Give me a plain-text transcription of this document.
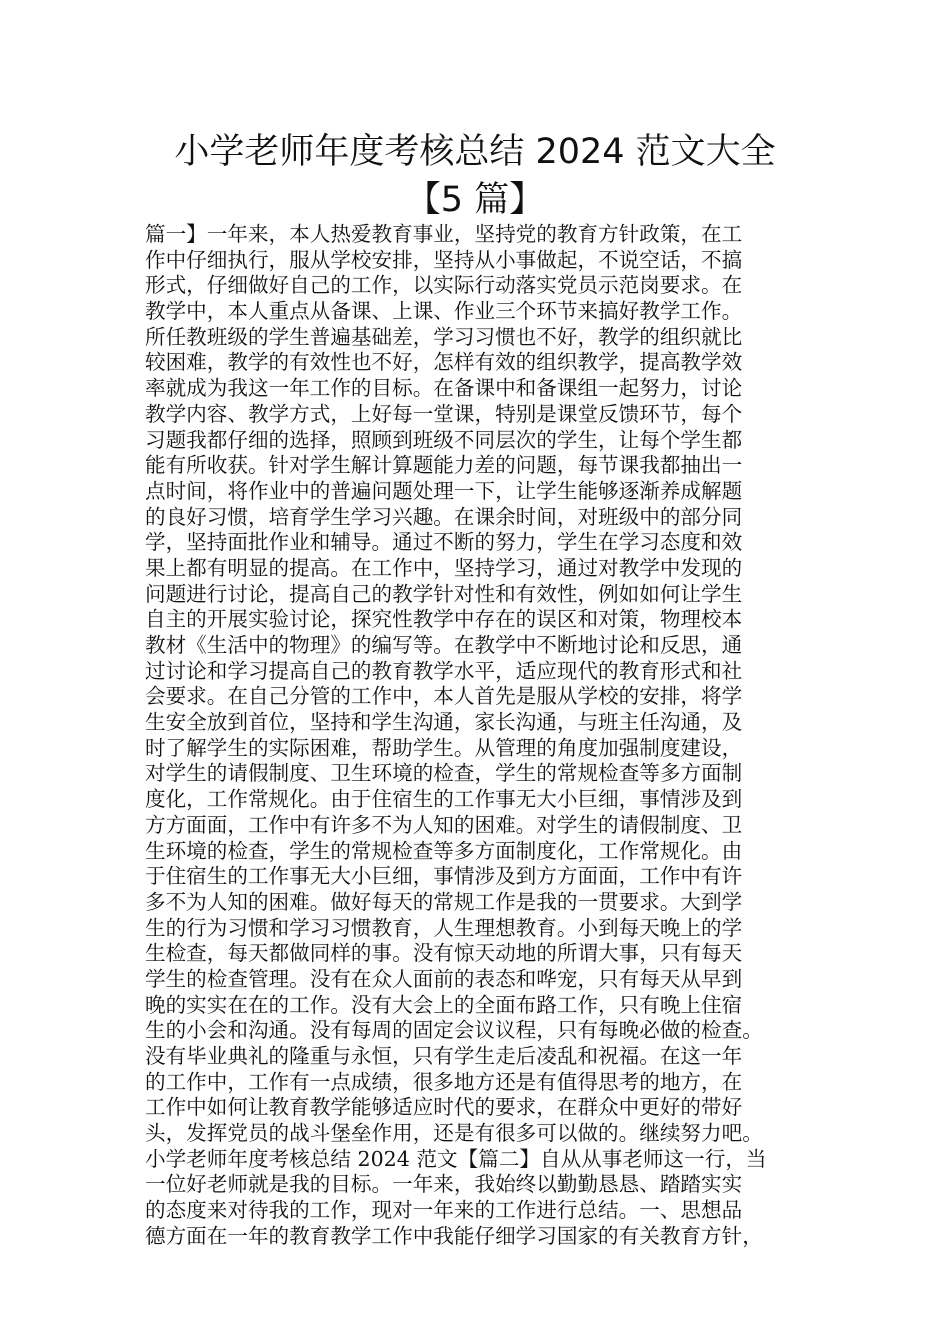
小学老师年度考核总结 2024 范文大全
【5 篇】
篇一】一年来，本人热爱教育事业，坚持党的教育方针政策，在工
作中仔细执行，服从学校安排，坚持从小事做起，不说空话，不搞
形式，仔细做好自己的工作，以实际行动落实党员示范岗要求。在
教学中，本人重点从备课、上课、作业三个环节来搞好教学工作。
所任教班级的学生普遍基础差，学习习惯也不好，教学的组织就比
较困难，教学的有效性也不好，怎样有效的组织教学，提高教学效
率就成为我这一年工作的目标。在备课中和备课组一起努力，讨论
教学内容、教学方式，上好每一堂课，特别是课堂反馈环节，每个
习题我都仔细的选择，照顾到班级不同层次的学生，让每个学生都
能有所收获。针对学生解计算题能力差的问题，每节课我都抽出一
点时间，将作业中的普遍问题处理一下，让学生能够逐渐养成解题
的良好习惯，培育学生学习兴趣。在课余时间，对班级中的部分同
学，坚持面批作业和辅导。通过不断的努力，学生在学习态度和效
果上都有明显的提高。在工作中，坚持学习，通过对教学中发现的
问题进行讨论，提高自己的教学针对性和有效性，例如如何让学生
自主的开展实验讨论，探究性教学中存在的误区和对策，物理校本
教材《生活中的物理》的编写等。在教学中不断地讨论和反思，通
过讨论和学习提高自己的教育教学水平，适应现代的教育形式和社
会要求。在自己分管的工作中，本人首先是服从学校的安排，将学
生安全放到首位，坚持和学生沟通，家长沟通，与班主任沟通，及
时了解学生的实际困难，帮助学生。从管理的角度加强制度建设，
对学生的请假制度、卫生环境的检查，学生的常规检查等多方面制
度化，工作常规化。由于住宿生的工作事无大小巨细，事情涉及到
方方面面，工作中有许多不为人知的困难。对学生的请假制度、卫
生环境的检查，学生的常规检查等多方面制度化，工作常规化。由
于住宿生的工作事无大小巨细，事情涉及到方方面面，工作中有许
多不为人知的困难。做好每天的常规工作是我的一贯要求。大到学
生的行为习惯和学习习惯教育，人生理想教育。小到每天晚上的学
生检查，每天都做同样的事。没有惊天动地的所谓大事，只有每天
学生的检查管理。没有在众人面前的表态和哗宠，只有每天从早到
晚的实实在在的工作。没有大会上的全面布路工作，只有晚上住宿
生的小会和沟通。没有每周的固定会议议程，只有每晚必做的检查。
没有毕业典礼的隆重与永恒，只有学生走后凌乱和祝福。在这一年
的工作中，工作有一点成绩，很多地方还是有值得思考的地方，在
工作中如何让教育教学能够适应时代的要求，在群众中更好的带好
头，发挥党员的战斗堡垒作用，还是有很多可以做的。继续努力吧。
小学老师年度考核总结 2024 范文【篇二】自从从事老师这一行，当
一位好老师就是我的目标。一年来，我始终以勤勤恳恳、踏踏实实
的态度来对待我的工作，现对一年来的工作进行总结。一、思想品
德方面在一年的教育教学工作中我能仔细学习国家的有关教育方针，
